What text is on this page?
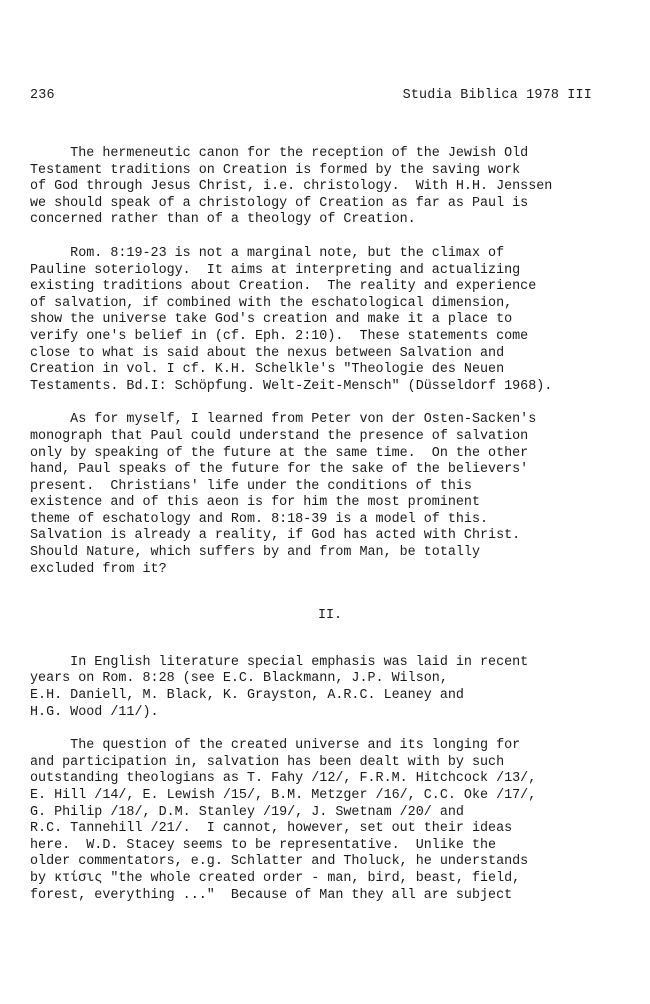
236	Studia Biblica 1978 III
The hermeneutic canon for the reception of the Jewish Old
Testament traditions on Creation is formed by the saving work
of God through Jesus Christ, i.e. christology.  With H.H. Jenssen
we should speak of a christology of Creation as far as Paul is
concerned rather than of a theology of Creation.
Rom. 8:19-23 is not a marginal note, but the climax of
Pauline soteriology.  It aims at interpreting and actualizing
existing traditions about Creation.  The reality and experience
of salvation, if combined with the eschatological dimension,
show the universe take God's creation and make it a place to
verify one's belief in (cf. Eph. 2:10).  These statements come
close to what is said about the nexus between Salvation and
Creation in vol. I cf. K.H. Schelkle's "Theologie des Neuen
Testaments. Bd.I: Schöpfung. Welt-Zeit-Mensch" (Düsseldorf 1968).
As for myself, I learned from Peter von der Osten-Sacken's
monograph that Paul could understand the presence of salvation
only by speaking of the future at the same time.  On the other
hand, Paul speaks of the future for the sake of the believers'
present.  Christians' life under the conditions of this
existence and of this aeon is for him the most prominent
theme of eschatology and Rom. 8:18-39 is a model of this.
Salvation is already a reality, if God has acted with Christ.
Should Nature, which suffers by and from Man, be totally
excluded from it?
II.
In English literature special emphasis was laid in recent
years on Rom. 8:28 (see E.C. Blackmann, J.P. Wilson,
E.H. Daniell, M. Black, K. Grayston, A.R.C. Leaney and
H.G. Wood /11/).
The question of the created universe and its longing for
and participation in, salvation has been dealt with by such
outstanding theologians as T. Fahy /12/, F.R.M. Hitchcock /13/,
E. Hill /14/, E. Lewish /15/, B.M. Metzger /16/, C.C. Oke /17/,
G. Philip /18/, D.M. Stanley /19/, J. Swetnam /20/ and
R.C. Tannehill /21/.  I cannot, however, set out their ideas
here.  W.D. Stacey seems to be representative.  Unlike the
older commentators, e.g. Schlatter and Tholuck, he understands
by κτίσις "the whole created order - man, bird, beast, field,
forest, everything ..."  Because of Man they all are subject
